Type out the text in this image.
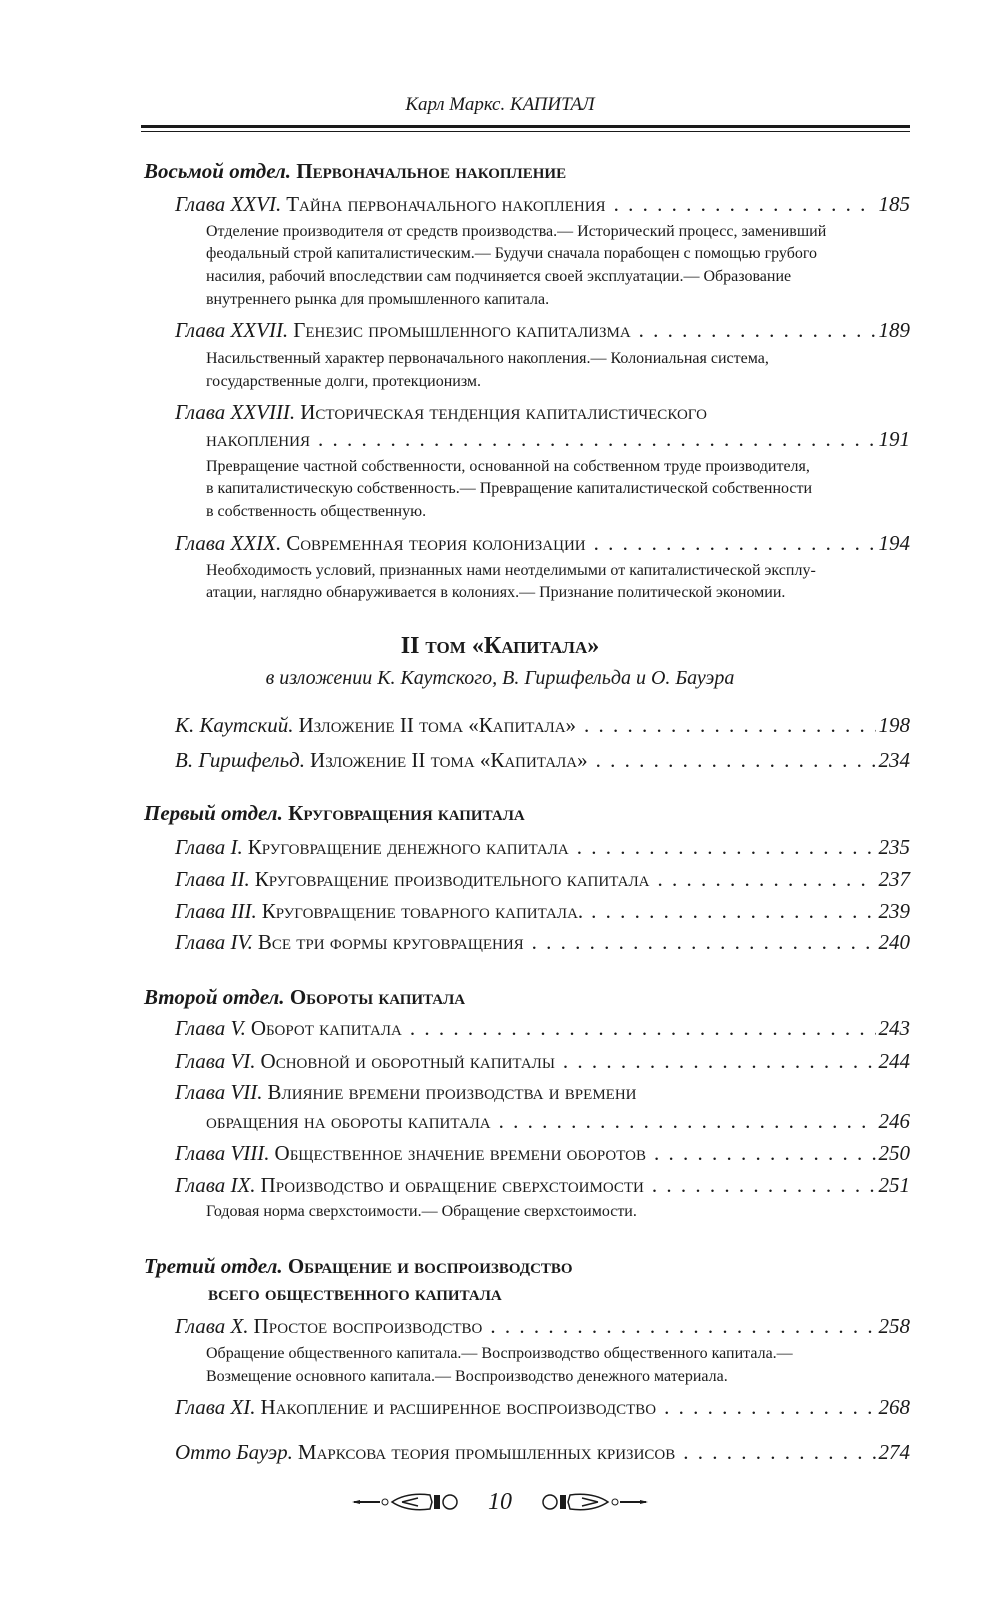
Карл Маркс. КАПИТАЛ
Восьмой отдел. Первоначальное накопление
Глава XXVI. Тайна первоначального накопления . . .	185
Отделение производителя от средств производства.— Исторический процесс, заменивший
феодальный строй капиталистическим.— Будучи сначала порабощен с помощью грубого
насилия, рабочий впоследствии сам подчиняется своей эксплуатации.— Образование
внутреннего рынка для промышленного капитала.
Глава XXVII. Генезис промышленного капитализма . . .	189
Насильственный характер первоначального накопления.— Колониальная система,
государственные долги, протекционизм.
Глава XXVIII. Историческая тенденция капиталистического
накопления . . .	191
Превращение частной собственности, основанной на собственном труде производителя,
в капиталистическую собственность.— Превращение капиталистической собственности
в собственность общественную.
Глава XXIX. Современная теория колонизации . . .	194
Необходимость условий, признанных нами неотделимыми от капиталистической эксплу-
атации, наглядно обнаруживается в колониях.— Признание политической экономии.
II том «Капитала»
в изложении К. Каутского, В. Гиршфельда и О. Бауэра
К. Каутский. Изложение II тома «Капитала» . . .	198
В. Гиршфельд. Изложение II тома «Капитала» . . .	234
Первый отдел. Круговращения капитала
Глава I. Круговращение денежного капитала . . .	235
Глава II. Круговращение производительного капитала . . .	237
Глава III. Круговращение товарного капитала. . . .	239
Глава IV. Все три формы круговращения . . .	240
Второй отдел. Обороты капитала
Глава V. Оборот капитала . . .	243
Глава VI. Основной и оборотный капиталы . . .	244
Глава VII. Влияние времени производства и времени
обращения на обороты капитала . . .	246
Глава VIII. Общественное значение времени оборотов . . .	250
Глава IX. Производство и обращение сверхстоимости . . .	251
Годовая норма сверхстоимости.— Обращение сверхстоимости.
Третий отдел. Обращение и воспроизводство
всего общественного капитала
Глава X. Простое воспроизводство . . .	258
Обращение общественного капитала.— Воспроизводство общественного капитала.—
Возмещение основного капитала.— Воспроизводство денежного материала.
Глава XI. Накопление и расширенное воспроизводство . . .	268
Отто Бауэр. Марксова теория промышленных кризисов . . .	274
10
